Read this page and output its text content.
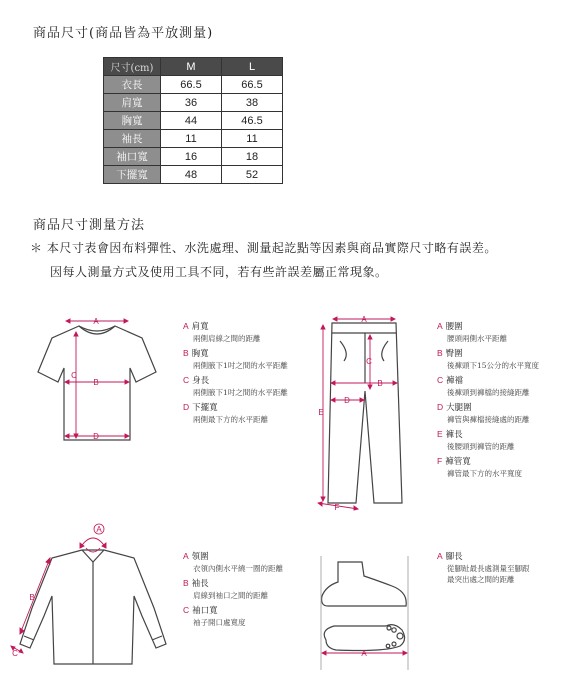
商品尺寸(商品皆為平放測量)
尺寸(cm)	M	L
衣長	66.5	66.5
肩寬	36	38
胸寬	44	46.5
袖長	11	11
袖口寬	16	18
下擺寬	48	52
商品尺寸測量方法
＊ 本尺寸表會因布料彈性、水洗處理、測量起訖點等因素與商品實際尺寸略有誤差。
因每人測量方式及使用工具不同，若有些許誤差屬正常現象。
A
B
C
D
A 肩寬
兩側肩線之間的距離
B 胸寬
兩側腋下1吋之間的水平距離
C 身長
兩側腋下1吋之間的水平距離
D 下擺寬
兩側最下方的水平距離
A
B
C
D
E
F
A 腰圍
腰頭兩側水平距離
B 臀圍
後褲頭下15公分的水平寬度
C 褲襠
後褲頭到褲檔的接縫距離
D 大腿圍
褲管與褲檔接縫處的距離
E 褲長
後腰頭到褲管的距離
F 褲管寬
褲管最下方的水平寬度
A
B
C
A 領圍
衣領內側水平繞一圈的距離
B 袖長
肩線到袖口之間的距離
C 袖口寬
袖子開口處寬度
A
A 腳長
從腳趾最長處測量至腳跟
最突出處之間的距離
